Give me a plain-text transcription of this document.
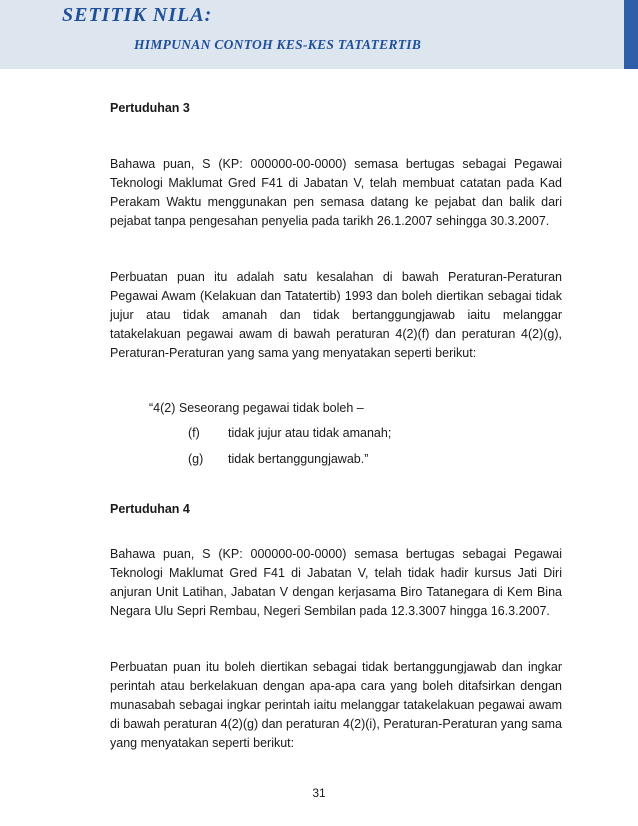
SETITIK NILA:
HIMPUNAN CONTOH KES-KES TATATERTIB
Pertuduhan 3
Bahawa puan, S (KP: 000000-00-0000) semasa bertugas sebagai Pegawai Teknologi Maklumat Gred F41 di Jabatan V, telah membuat catatan pada Kad Perakam Waktu menggunakan pen semasa datang ke pejabat dan balik dari pejabat tanpa pengesahan penyelia pada tarikh 26.1.2007 sehingga 30.3.2007.
Perbuatan puan itu adalah satu kesalahan di bawah Peraturan-Peraturan Pegawai Awam (Kelakuan dan Tatatertib) 1993 dan boleh diertikan sebagai tidak jujur atau tidak amanah dan tidak bertanggungjawab iaitu melanggar tatakelakuan pegawai awam di bawah peraturan 4(2)(f) dan peraturan 4(2)(g), Peraturan-Peraturan yang sama yang menyatakan seperti berikut:
“4(2) Seseorang pegawai tidak boleh –
(f) tidak jujur atau tidak amanah;
(g) tidak bertanggungjawab.”
Pertuduhan 4
Bahawa puan, S (KP: 000000-00-0000) semasa bertugas sebagai Pegawai Teknologi Maklumat Gred F41 di Jabatan V, telah tidak hadir kursus Jati Diri anjuran Unit Latihan, Jabatan V dengan kerjasama Biro Tatanegara di Kem Bina Negara Ulu Sepri Rembau, Negeri Sembilan pada 12.3.3007 hingga 16.3.2007.
Perbuatan puan itu boleh diertikan sebagai tidak bertanggungjawab dan ingkar perintah atau berkelakuan dengan apa-apa cara yang boleh ditafsirkan dengan munasabah sebagai ingkar perintah iaitu melanggar tatakelakuan pegawai awam di bawah peraturan 4(2)(g) dan peraturan 4(2)(i), Peraturan-Peraturan yang sama yang menyatakan seperti berikut:
31
